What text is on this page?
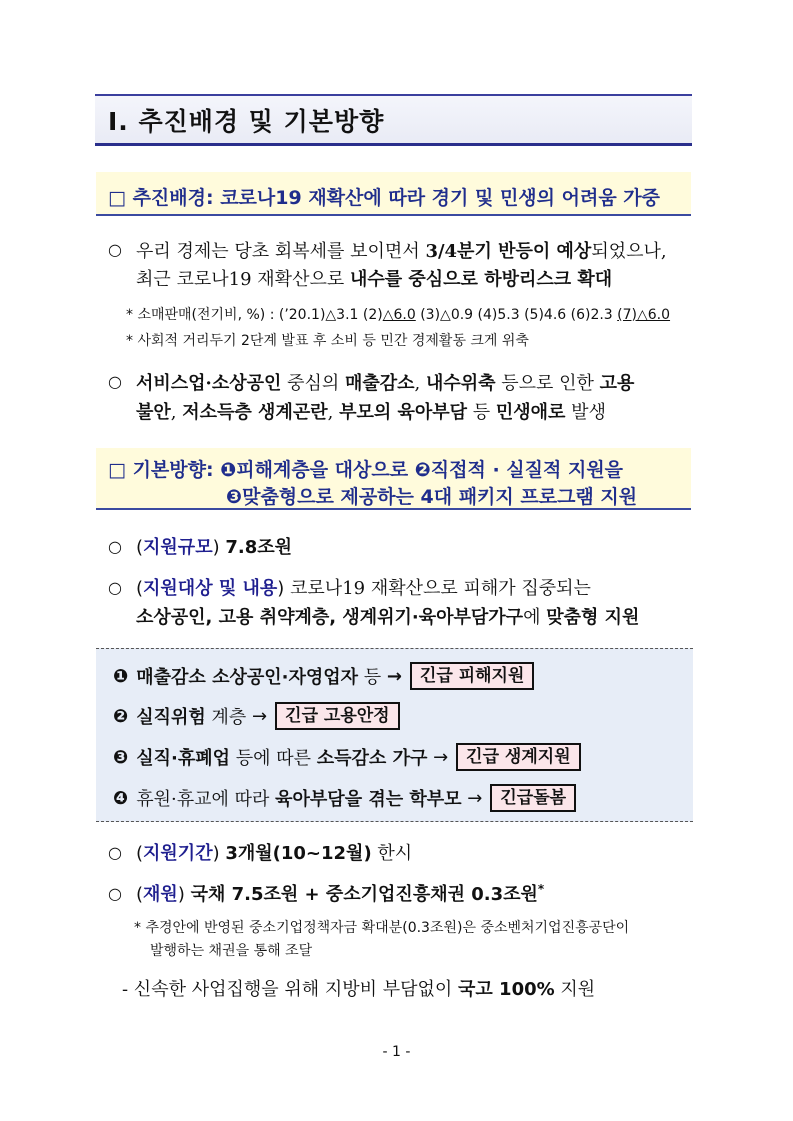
Ⅰ. 추진배경 및 기본방향
□ 추진배경: 코로나19 재확산에 따라 경기 및 민생의 어려움 가중
○ 우리 경제는 당초 회복세를 보이면서 3/4분기 반등이 예상되었으나,
최근 코로나19 재확산으로 내수를 중심으로 하방리스크 확대
* 소매판매(전기비, %) : (’20.1)△3.1 (2)△6.0 (3)△0.9 (4)5.3 (5)4.6 (6)2.3 (7)△6.0
* 사회적 거리두기 2단계 발표 후 소비 등 민간 경제활동 크게 위축
○ 서비스업·소상공인 중심의 매출감소, 내수위축 등으로 인한 고용
불안, 저소득층 생계곤란, 부모의 육아부담 등 민생애로 발생
□ 기본방향: ❶피해계층을 대상으로 ❷직접적 · 실질적 지원을
❸맞춤형으로 제공하는 4대 패키지 프로그램 지원
○ (지원규모) 7.8조원
○ (지원대상 및 내용) 코로나19 재확산으로 피해가 집중되는
소상공인, 고용 취약계층, 생계위기·육아부담가구에 맞춤형 지원
❶ 매출감소 소상공인·자영업자 등 →	긴급 피해지원
❷ 실직위험 계층 →	긴급 고용안정
❸ 실직·휴폐업 등에 따른 소득감소 가구 →	긴급 생계지원
❹ 휴원·휴교에 따라 육아부담을 겪는 학부모 →	긴급돌봄
○ (지원기간) 3개월(10~12월) 한시
○ (재원) 국채 7.5조원 + 중소기업진흥채권 0.3조원*
* 추경안에 반영된 중소기업정책자금 확대분(0.3조원)은 중소벤처기업진흥공단이
발행하는 채권을 통해 조달
- 신속한 사업집행을 위해 지방비 부담없이 국고 100% 지원
- 1 -
